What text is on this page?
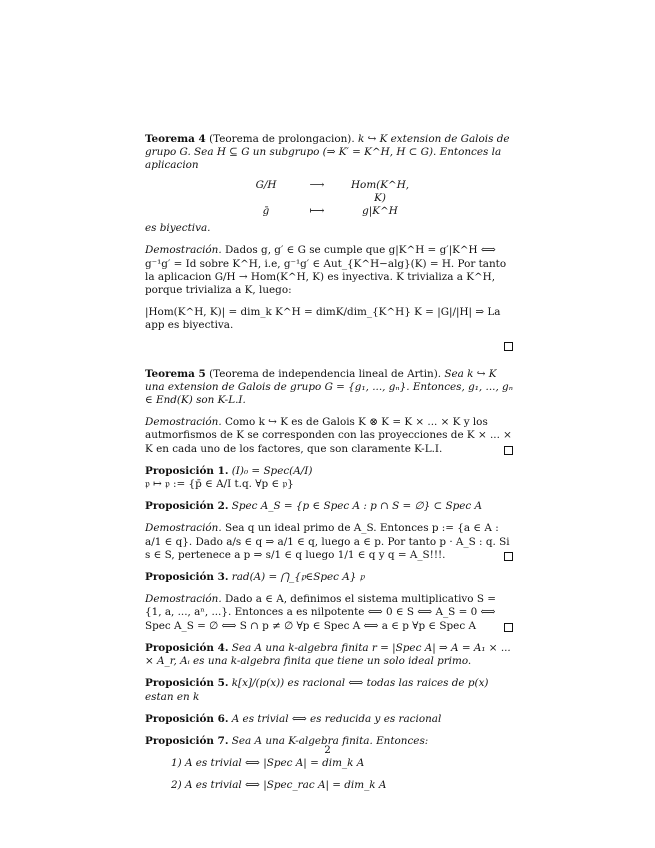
Teorema 4 (Teorema de prolongacion). k ↪ K extension de Galois de grupo G. Sea H ⊆ G un subgrupo (⇒ K′ = K^H, H ⊂ G). Entonces la aplicacion

G/H	⟶	Hom(K^H, K)
ḡ	⟼	g|K^H

es biyectiva.

Demostración. Dados g, g′ ∈ G se cumple que g|K^H = g′|K^H ⟺ g⁻¹g′ = Id sobre K^H, i.e, g⁻¹g′ ∈ Aut_{K^H−alg}(K) = H. Por tanto la aplicacion G/H → Hom(K^H, K) es inyectiva. K trivializa a K^H, porque trivializa a K, luego:

|Hom(K^H, K)| = dim_k K^H = dimK/dim_{K^H} K = |G|/|H| ⇒ La app es biyectiva.

Teorema 5 (Teorema de independencia lineal de Artin). Sea k ↪ K una extension de Galois de grupo G = {g₁, ..., gₙ}. Entonces, g₁, ..., gₙ ∈ End(K) son K-L.I.

Demostración. Como k ↪ K es de Galois K ⊗ K = K × ... × K y los autmorfismos de K se corresponden con las proyecciones de K × ... × K en cada uno de los factores, que son claramente K-L.I.

Proposición 1. (I)₀ = Spec(A/I)
𝔭 ↦ 𝔭 := {p̄ ∈ A/I t.q. ∀p ∈ 𝔭}

Proposición 2. Spec A_S = {p ∈ Spec A : p ∩ S = ∅} ⊂ Spec A

Demostración. Sea q un ideal primo de A_S. Entonces p := {a ∈ A : a/1 ∈ q}. Dado a/s ∈ q ⇒ a/1 ∈ q, luego a ∈ p. Por tanto p · A_S : q. Si s ∈ S, pertenece a p ⇒ s/1 ∈ q luego 1/1 ∈ q y q = A_S!!!.

Proposición 3. rad(A) = ⋂_{𝔭∈Spec A} 𝔭

Demostración. Dado a ∈ A, definimos el sistema multiplicativo S = {1, a, ..., aⁿ, ...}. Entonces a es nilpotente ⟺ 0 ∈ S ⟺ A_S = 0 ⟺ Spec A_S = ∅ ⟺ S ∩ p ≠ ∅ ∀p ∈ Spec A ⟺ a ∈ p ∀p ∈ Spec A

Proposición 4. Sea A una k-algebra finita r = |Spec A| ⇒ A = A₁ × ... × A_r, Aᵢ es una k-algebra finita que tiene un solo ideal primo.

Proposición 5. k[x]/(p(x)) es racional ⟺ todas las raices de p(x) estan en k

Proposición 6. A es trivial ⟺ es reducida y es racional

Proposición 7. Sea A una K-algebra finita. Entonces:

1) A es trivial ⟺ |Spec A| = dim_k A

2) A es trivial ⟺ |Spec_rac A| = dim_k A

2
